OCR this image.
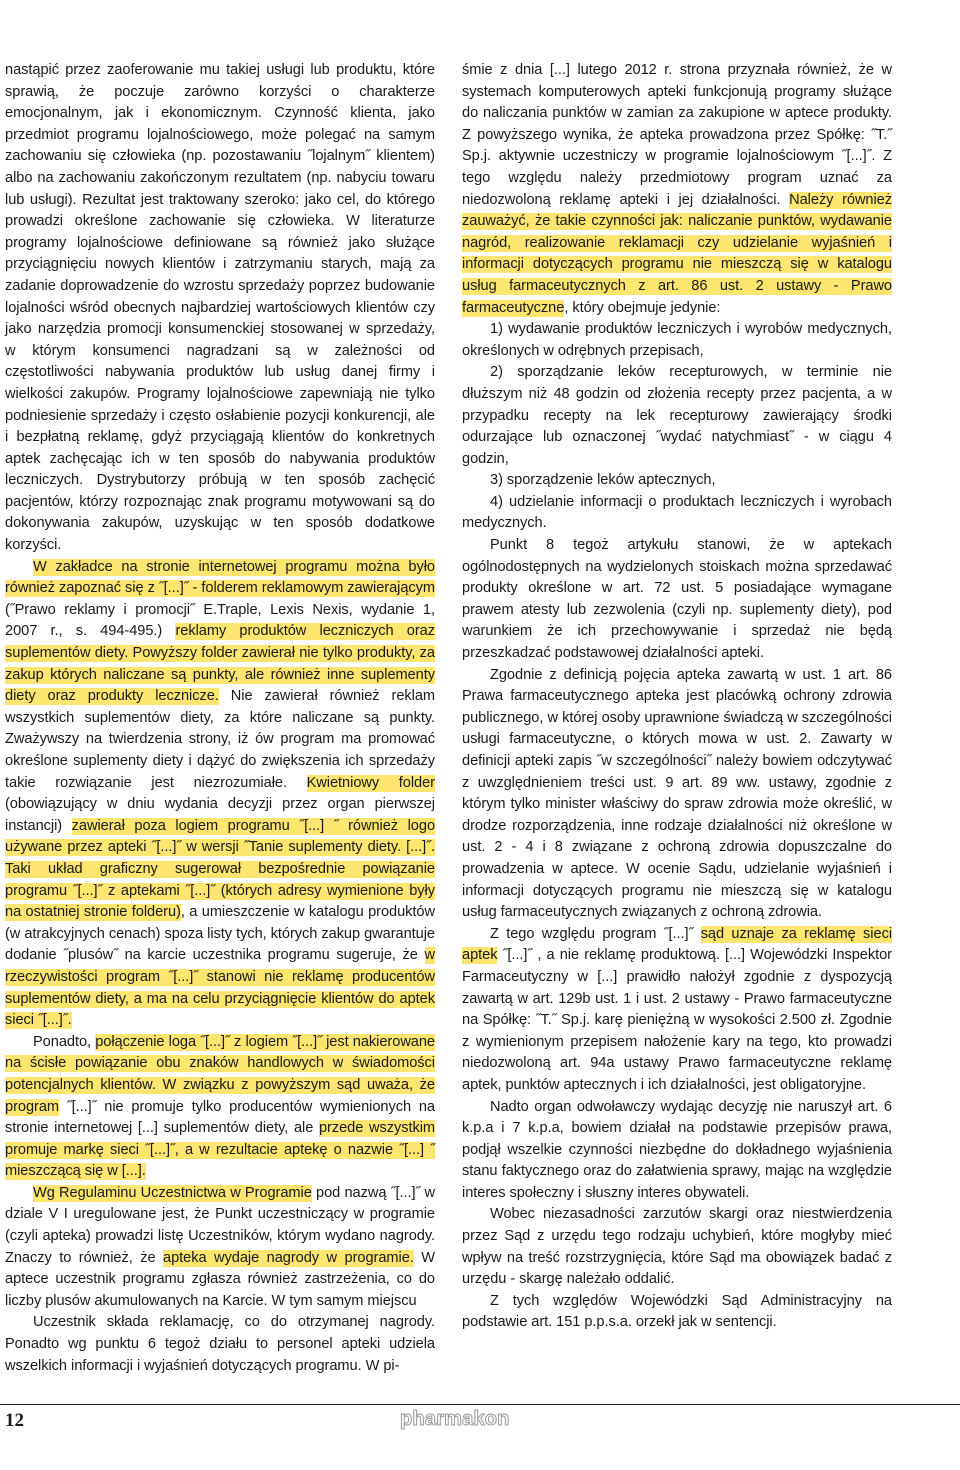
nastąpić przez zaoferowanie mu takiej usługi lub produktu, które sprawią, że poczuje zarówno korzyści o charakterze emocjonalnym, jak i ekonomicznym. Czynność klienta, jako przedmiot programu lojalnościowego, może polegać na samym zachowaniu się człowieka (np. pozostawaniu ˝lojalnym˝ klientem) albo na zachowaniu zakończonym rezultatem (np. nabyciu towaru lub usługi). Rezultat jest traktowany szeroko: jako cel, do którego prowadzi określone zachowanie się człowieka. W literaturze programy lojalnościowe definiowane są również jako służące przyciągnięciu nowych klientów i zatrzymaniu starych, mają za zadanie doprowadzenie do wzrostu sprzedaży poprzez budowanie lojalności wśród obecnych najbardziej wartościowych klientów czy jako narzędzia promocji konsumenckiej stosowanej w sprzedaży, w którym konsumenci nagradzani są w zależności od częstotliwości nabywania produktów lub usług danej firmy i wielkości zakupów. Programy lojalnościowe zapewniają nie tylko podniesienie sprzedaży i często osłabienie pozycji konkurencji, ale i bezpłatną reklamę, gdyż przyciągają klientów do konkretnych aptek zachęcając ich w ten sposób do nabywania produktów leczniczych. Dystrybutorzy próbują w ten sposób zachęcić pacjentów, którzy rozpoznając znak programu motywowani są do dokonywania zakupów, uzyskując w ten sposób dodatkowe korzyści.

W zakładce na stronie internetowej programu można było również zapoznać się z ˝[...]˝ - folderem reklamowym zawierającym (˝Prawo reklamy i promocji˝ E.Traple, Lexis Nexis, wydanie 1, 2007 r., s. 494-495.) reklamy produktów leczniczych oraz suplementów diety. Powyższy folder zawierał nie tylko produkty, za zakup których naliczane są punkty, ale również inne suplementy diety oraz produkty lecznicze. Nie zawierał również reklam wszystkich suplementów diety, za które naliczane są punkty. Zważywszy na twierdzenia strony, iż ów program ma promować określone suplementy diety i dążyć do zwiększenia ich sprzedaży takie rozwiązanie jest niezrozumiałe. Kwietniowy folder (obowiązujący w dniu wydania decyzji przez organ pierwszej instancji) zawierał poza logiem programu ˝[...] ˝ również logo używane przez apteki ˝[...]˝ w wersji ˝Tanie suplementy diety. [...]˝. Taki układ graficzny sugerował bezpośrednie powiązanie programu ˝[...]˝ z aptekami ˝[...]˝ (których adresy wymienione były na ostatniej stronie folderu), a umieszczenie w katalogu produktów (w atrakcyjnych cenach) spoza listy tych, których zakup gwarantuje dodanie ˝plusów˝ na karcie uczestnika programu sugeruje, że w rzeczywistości program ˝[...]˝ stanowi nie reklamę producentów suplementów diety, a ma na celu przyciągnięcie klientów do aptek sieci ˝[...]˝.

Ponadto, połączenie loga ˝[...]˝ z logiem ˝[...]˝ jest nakierowane na ścisłe powiązanie obu znaków handlowych w świadomości potencjalnych klientów. W związku z powyższym sąd uważa, że program ˝[...]˝ nie promuje tylko producentów wymienionych na stronie internetowej [...] suplementów diety, ale przede wszystkim promuje markę sieci ˝[...]˝, a w rezultacie aptekę o nazwie ˝[...] ˝ mieszczącą się w [...].

Wg Regulaminu Uczestnictwa w Programie pod nazwą ˝[...]˝ w dziale V I uregulowane jest, że Punkt uczestniczący w programie (czyli apteka) prowadzi listę Uczestników, którym wydano nagrody. Znaczy to również, że apteka wydaje nagrody w programie. W aptece uczestnik programu zgłasza również zastrzeżenia, co do liczby plusów akumulowanych na Karcie. W tym samym miejscu

Uczestnik składa reklamację, co do otrzymanej nagrody. Ponadto wg punktu 6 tegoż działu to personel apteki udziela wszelkich informacji i wyjaśnień dotyczących programu. W pi-

śmie z dnia [...] lutego 2012 r. strona przyznała również, że w systemach komputerowych apteki funkcjonują programy służące do naliczania punktów w zamian za zakupione w aptece produkty. Z powyższego wynika, że apteka prowadzona przez Spółkę: ˝T.˝ Sp.j. aktywnie uczestniczy w programie lojalnościowym ˝[...]˝. Z tego względu należy przedmiotowy program uznać za niedozwoloną reklamę apteki i jej działalności. Należy również zauważyć, że takie czynności jak: naliczanie punktów, wydawanie nagród, realizowanie reklamacji czy udzielanie wyjaśnień i informacji dotyczących programu nie mieszczą się w katalogu usług farmaceutycznych z art. 86 ust. 2 ustawy - Prawo farmaceutyczne, który obejmuje jedynie:

1) wydawanie produktów leczniczych i wyrobów medycznych, określonych w odrębnych przepisach,

2) sporządzanie leków recepturowych, w terminie nie dłuższym niż 48 godzin od złożenia recepty przez pacjenta, a w przypadku recepty na lek recepturowy zawierający środki odurzające lub oznaczonej ˝wydać natychmiast˝ - w ciągu 4 godzin,

3) sporządzenie leków aptecznych,

4) udzielanie informacji o produktach leczniczych i wyrobach medycznych.

Punkt 8 tegoż artykułu stanowi, że w aptekach ogólnodostępnych na wydzielonych stoiskach można sprzedawać produkty określone w art. 72 ust. 5 posiadające wymagane prawem atesty lub zezwolenia (czyli np. suplementy diety), pod warunkiem że ich przechowywanie i sprzedaż nie będą przeszkadzać podstawowej działalności apteki.

Zgodnie z definicją pojęcia apteka zawartą w ust. 1 art. 86 Prawa farmaceutycznego apteka jest placówką ochrony zdrowia publicznego, w której osoby uprawnione świadczą w szczególności usługi farmaceutyczne, o których mowa w ust. 2. Zawarty w definicji apteki zapis ˝w szczególności˝ należy bowiem odczytywać z uwzględnieniem treści ust. 9 art. 89 ww. ustawy, zgodnie z którym tylko minister właściwy do spraw zdrowia może określić, w drodze rozporządzenia, inne rodzaje działalności niż określone w ust. 2 - 4 i 8 związane z ochroną zdrowia dopuszczalne do prowadzenia w aptece. W ocenie Sądu, udzielanie wyjaśnień i informacji dotyczących programu nie mieszczą się w katalogu usług farmaceutycznych związanych z ochroną zdrowia.

Z tego względu program ˝[...]˝ sąd uznaje za reklamę sieci aptek ˝[...]˝ , a nie reklamę produktową. [...] Wojewódzki Inspektor Farmaceutyczny w [...] prawidło nałożył zgodnie z dyspozycją zawartą w art. 129b ust. 1 i ust. 2 ustawy - Prawo farmaceutyczne na Spółkę: ˝T.˝ Sp.j. karę pieniężną w wysokości 2.500 zł. Zgodnie z wymienionym przepisem nałożenie kary na tego, kto prowadzi niedozwoloną art. 94a ustawy Prawo farmaceutyczne reklamę aptek, punktów aptecznych i ich działalności, jest obligatoryjne.

Nadto organ odwoławczy wydając decyzję nie naruszył art. 6 k.p.a i 7 k.p.a, bowiem działał na podstawie przepisów prawa, podjął wszelkie czynności niezbędne do dokładnego wyjaśnienia stanu faktycznego oraz do załatwienia sprawy, mając na względzie interes społeczny i słuszny interes obywateli.

Wobec niezasadności zarzutów skargi oraz niestwierdzenia przez Sąd z urzędu tego rodzaju uchybień, które mogłyby mieć wpływ na treść rozstrzygnięcia, które Sąd ma obowiązek badać z urzędu - skargę należało oddalić.

Z tych względów Wojewódzki Sąd Administracyjny na podstawie art. 151 p.p.s.a. orzekł jak w sentencji.

12	pharmakon
